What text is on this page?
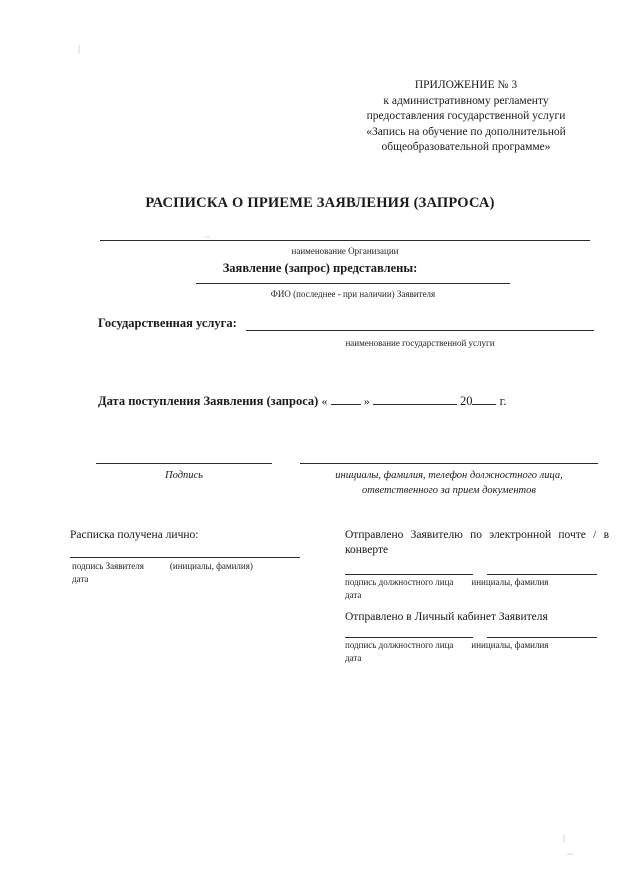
ПРИЛОЖЕНИЕ № 3
к административному регламенту
предоставления государственной услуги
«Запись на обучение по дополнительной
общеобразовательной программе»
РАСПИСКА О ПРИЕМЕ ЗАЯВЛЕНИЯ (ЗАПРОСА)
наименование Организации
Заявление (запрос) представлены:
ФИО (последнее - при наличии) Заявителя
Государственная услуга:
наименование государственной услуги
Дата поступления Заявления (запроса) «	»	20 г.
Подпись	инициалы, фамилия, телефон должностного лица,
ответственного за прием документов
Расписка получена лично:
подпись Заявителя	(инициалы, фамилия)
дата
Отправлено Заявителю по электронной почте / в конверте
подпись должностного лица инициалы, фамилия
дата
Отправлено в Личный кабинет Заявителя
подпись должностного лица инициалы, фамилия
дата
